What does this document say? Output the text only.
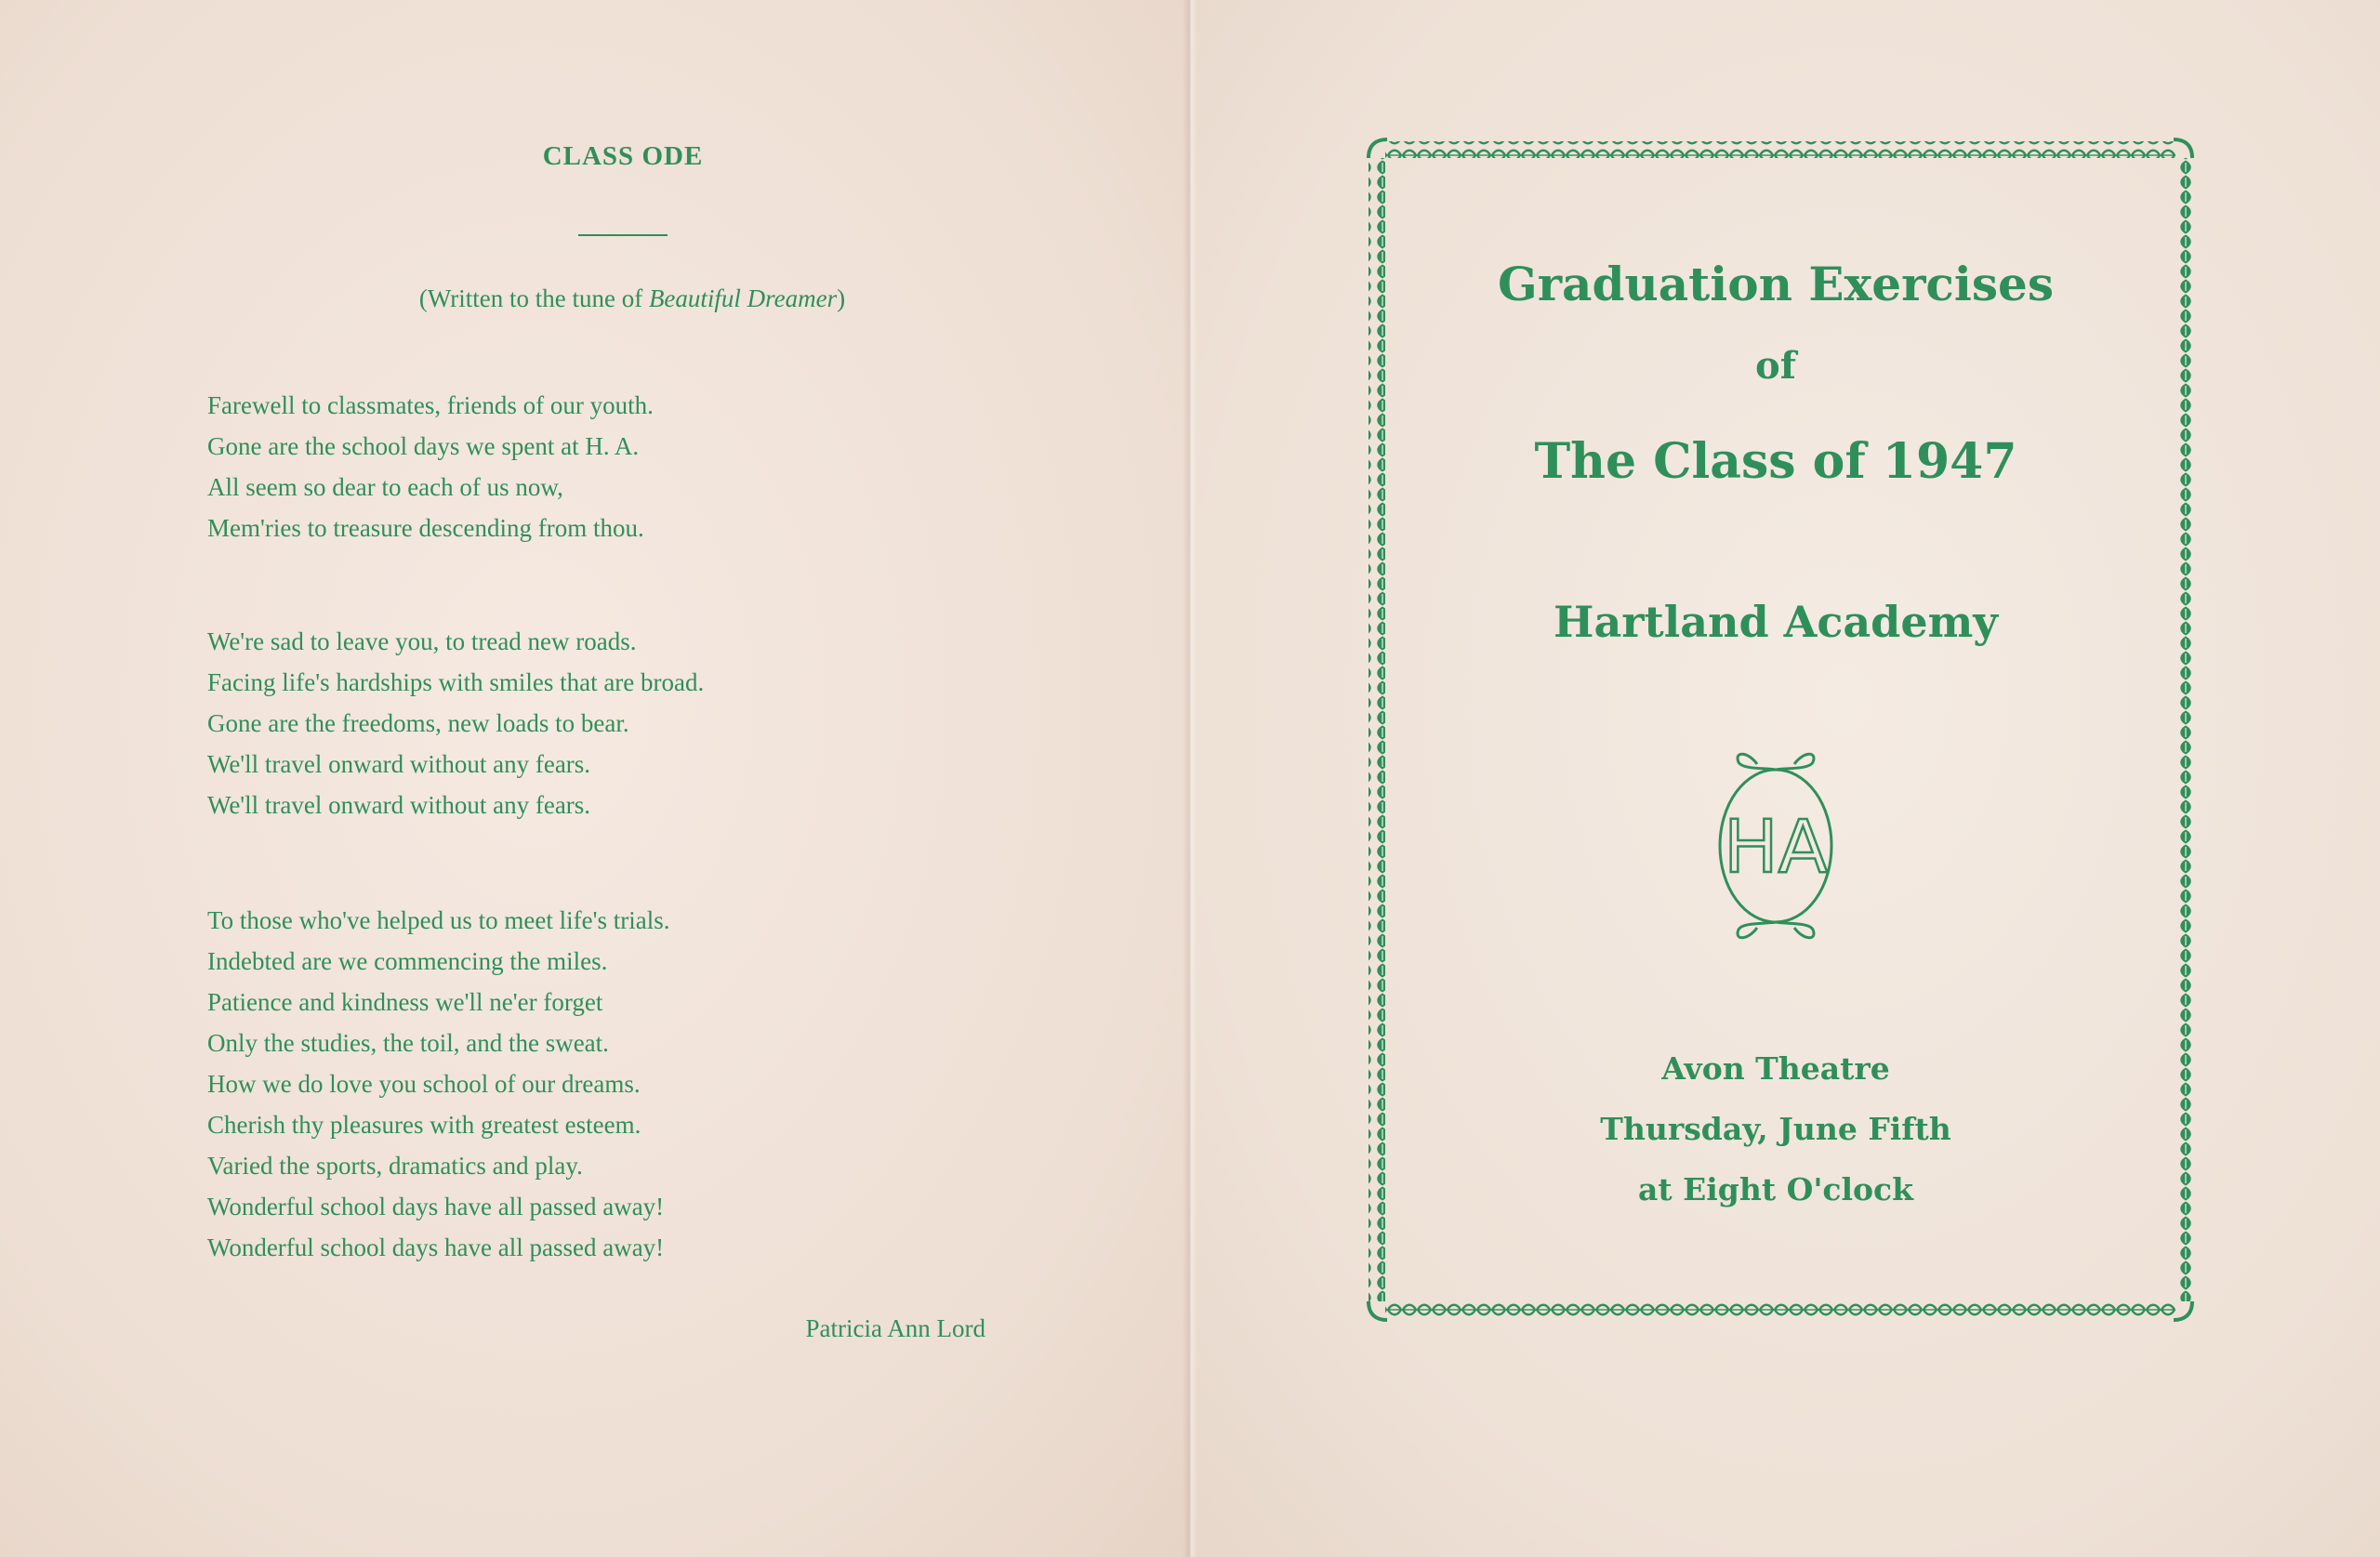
CLASS ODE
(Written to the tune of Beautiful Dreamer)
Farewell to classmates, friends of our youth.
Gone are the school days we spent at H. A.
All seem so dear to each of us now,
Mem'ries to treasure descending from thou.
We're sad to leave you, to tread new roads.
Facing life's hardships with smiles that are broad.
Gone are the freedoms, new loads to bear.
We'll travel onward without any fears.
We'll travel onward without any fears.
To those who've helped us to meet life's trials.
Indebted are we commencing the miles.
Patience and kindness we'll ne'er forget
Only the studies, the toil, and the sweat.
How we do love you school of our dreams.
Cherish thy pleasures with greatest esteem.
Varied the sports, dramatics and play.
Wonderful school days have all passed away!
Wonderful school days have all passed away!
Patricia Ann Lord
Graduation Exercises
of
The Class of 1947
Hartland Academy
HA
Avon Theatre
Thursday, June Fifth
at Eight O'clock
